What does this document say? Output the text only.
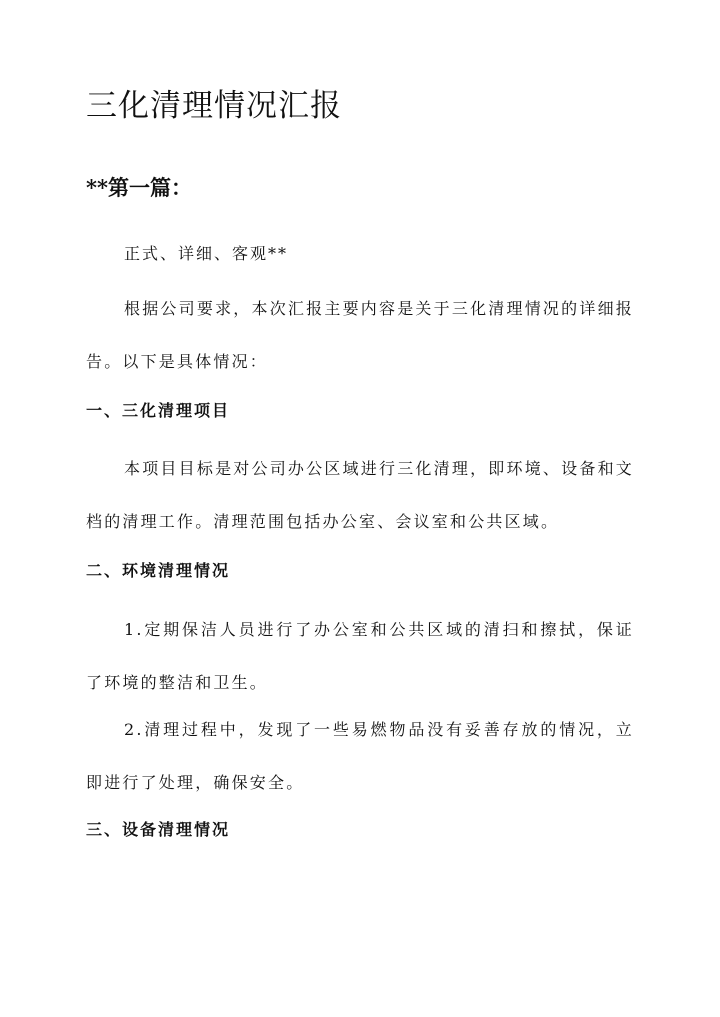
三化清理情况汇报
**第一篇：

正式、详细、客观**

根据公司要求，本次汇报主要内容是关于三化清理情况的详细报告。以下是具体情况：

一、三化清理项目

本项目目标是对公司办公区域进行三化清理，即环境、设备和文档的清理工作。清理范围包括办公室、会议室和公共区域。

二、环境清理情况

1.定期保洁人员进行了办公室和公共区域的清扫和擦拭，保证了环境的整洁和卫生。

2.清理过程中，发现了一些易燃物品没有妥善存放的情况，立即进行了处理，确保安全。

三、设备清理情况
